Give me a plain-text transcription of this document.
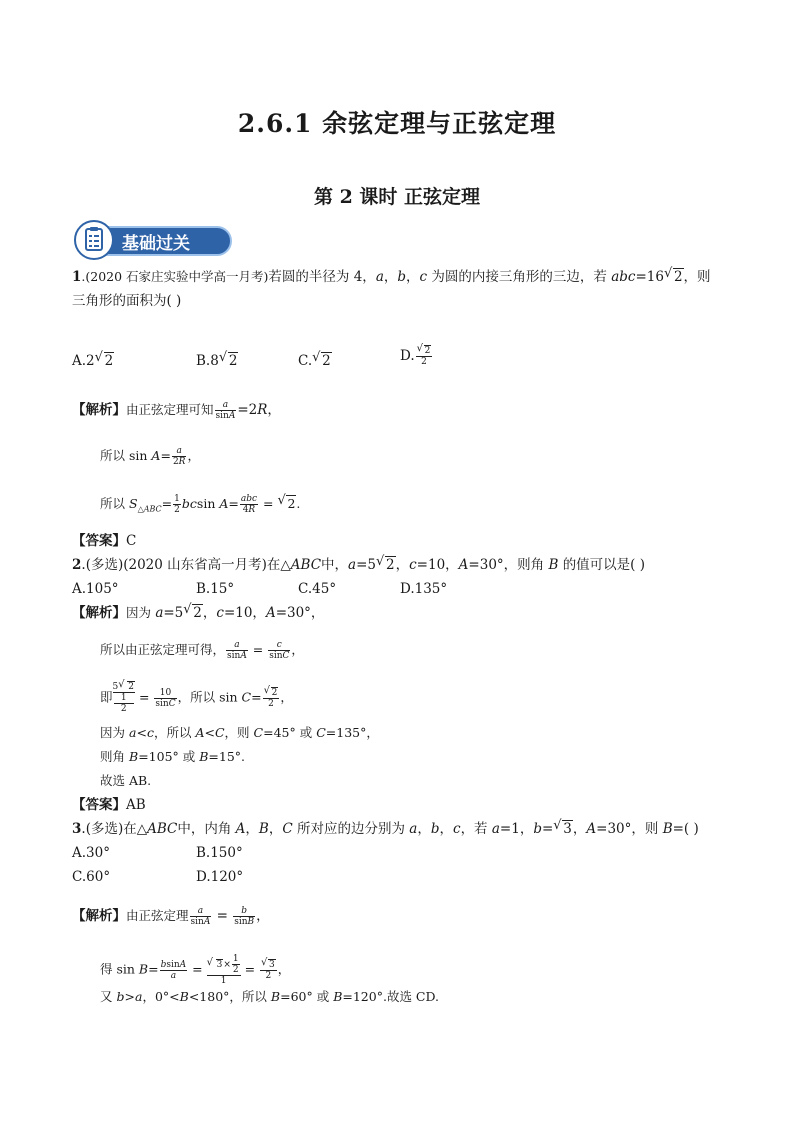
2.6.1 余弦定理与正弦定理
第 2 课时 正弦定理
基础过关
1.(2020 石家庄实验中学高一月考)若圆的半径为 4，a，b，c 为圆的内接三角形的三边，若 abc=16 √ 2，则
三角形的面积为( )
A.2 √ 2	B.8 √ 2	C. √ 2	D. $\frac{√ 2}{2}$
【解析】由正弦定理可知 $\frac{a}{\sin A} =2R$，
所以 $\sin A= \frac{a}{2R}$ ，
所以 $S_{\triangle ABC}= \frac{1}{2}$ bcsin $A= \frac{\text{abc}}{4R}$ = √ 2.
【答案】C
2.(多选)(2020 山东省高一月考)在△ABC中，a=5 √ 2，c=10，A=30°，则角 B 的值可以是( )
A.105°	B.15°	C.45°	D.135°
【解析】因为 a=5 √ 2，c=10，A=30°，
所以由正弦定理可得， $\frac{a}{\sin A} = \frac{c}{\sin C}$ ，
即 5 √ 2
1
$2 = \frac{10}{\sin C}$ ，所以 $\sin C= \frac{√ 2}{2}$ ，
因为 a<c，所以 A<C，则 C=45° 或 C=135°，
则角 B=105° 或 B=15°.
故选 AB.
【答案】AB
3.(多选)在△ABC中，内角 A，B，C 所对应的边分别为 a，b，c，若 a=1，b= √ 3，A=30°，则 B=( )
A.30°	B.150°
C.60°	D.120°
【解析】由正弦定理 $\frac{a}{\sin A} = \frac{b}{\sin B}$ ，
得 $\sin B= \frac{bsinA}{a} = \frac{√ 3\times \frac{1}{2}}{1} = \frac{√ 3}{2}$ ，
又 b>a，0°<B<180°，所以 B=60° 或 B=120°.故选 CD.
